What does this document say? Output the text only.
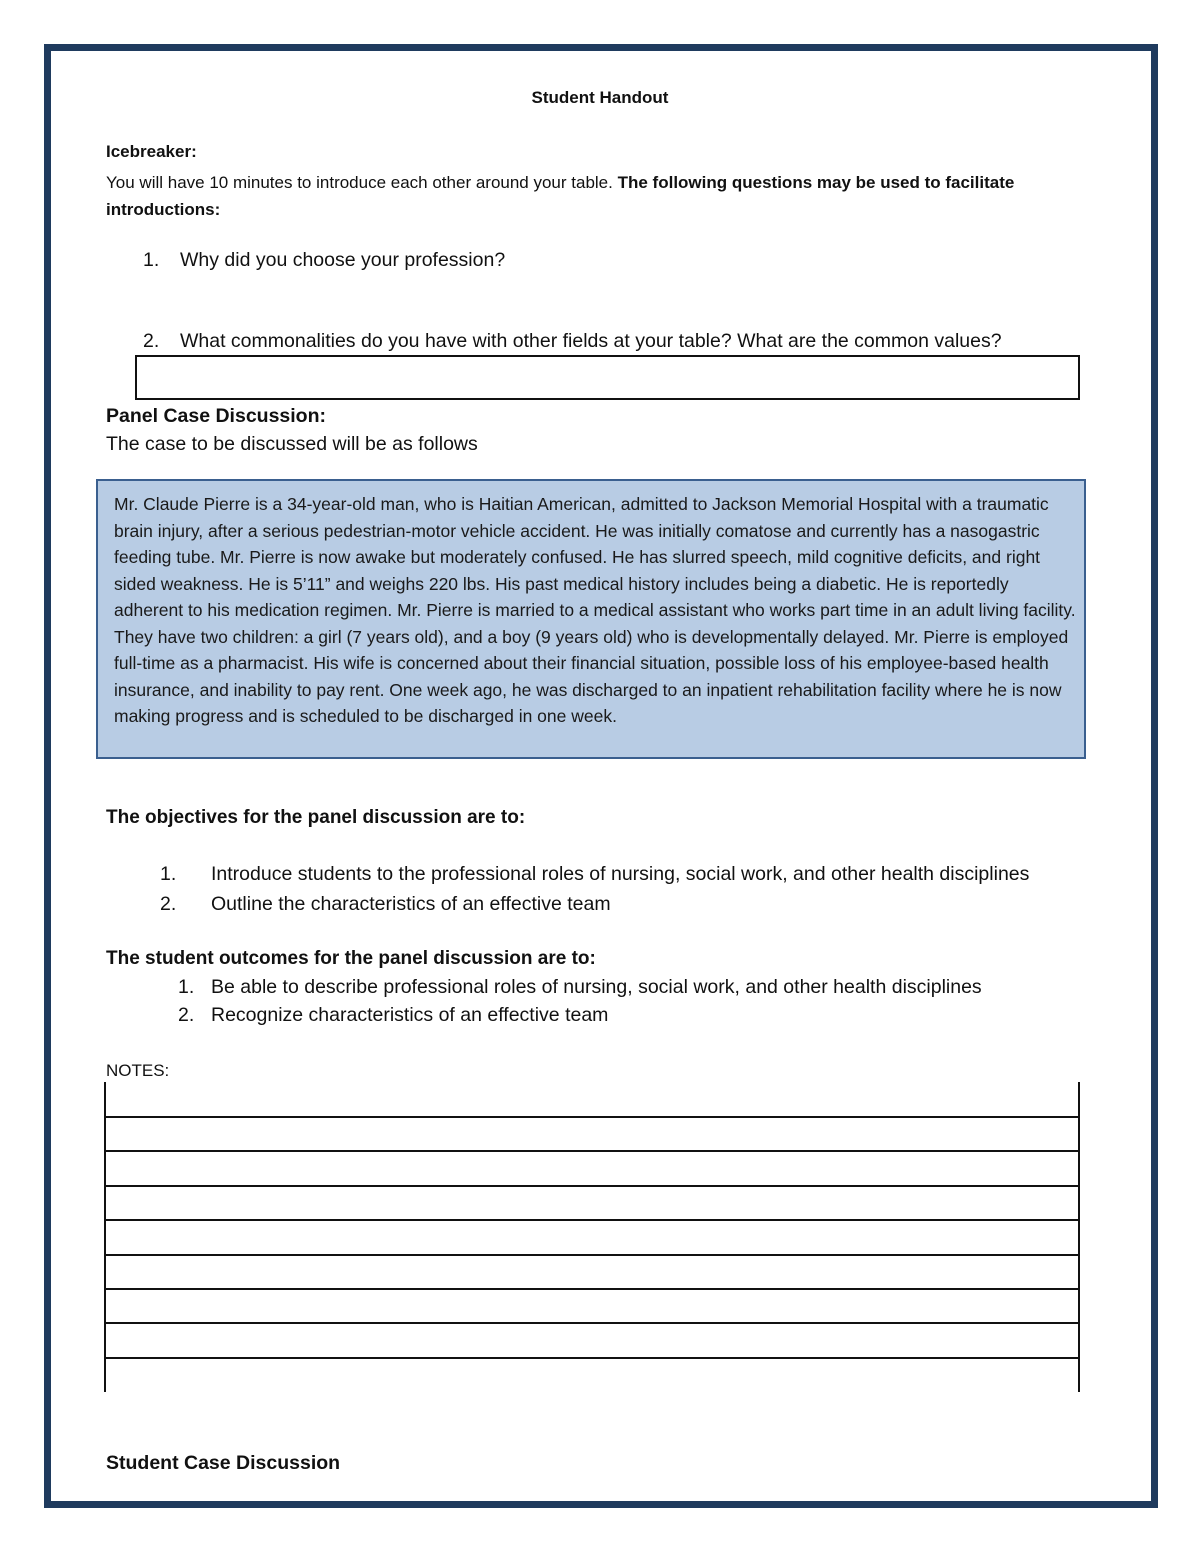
Student Handout
Icebreaker:
You will have 10 minutes to introduce each other around your table. The following questions may be used to facilitate introductions:
1. Why did you choose your profession?
2. What commonalities do you have with other fields at your table? What are the common values?
Panel Case Discussion:
The case to be discussed will be as follows
Mr. Claude Pierre is a 34-year-old man, who is Haitian American, admitted to Jackson Memorial Hospital with a traumatic brain injury, after a serious pedestrian-motor vehicle accident. He was initially comatose and currently has a nasogastric feeding tube. Mr. Pierre is now awake but moderately confused. He has slurred speech, mild cognitive deficits, and right sided weakness. He is 5’11” and weighs 220 lbs. His past medical history includes being a diabetic. He is reportedly adherent to his medication regimen. Mr. Pierre is married to a medical assistant who works part time in an adult living facility. They have two children: a girl (7 years old), and a boy (9 years old) who is developmentally delayed. Mr. Pierre is employed full-time as a pharmacist. His wife is concerned about their financial situation, possible loss of his employee-based health insurance, and inability to pay rent. One week ago, he was discharged to an inpatient rehabilitation facility where he is now making progress and is scheduled to be discharged in one week.
The objectives for the panel discussion are to:
1. Introduce students to the professional roles of nursing, social work, and other health disciplines
2. Outline the characteristics of an effective team
The student outcomes for the panel discussion are to:
1. Be able to describe professional roles of nursing, social work, and other health disciplines
2. Recognize characteristics of an effective team
NOTES:
Student Case Discussion
